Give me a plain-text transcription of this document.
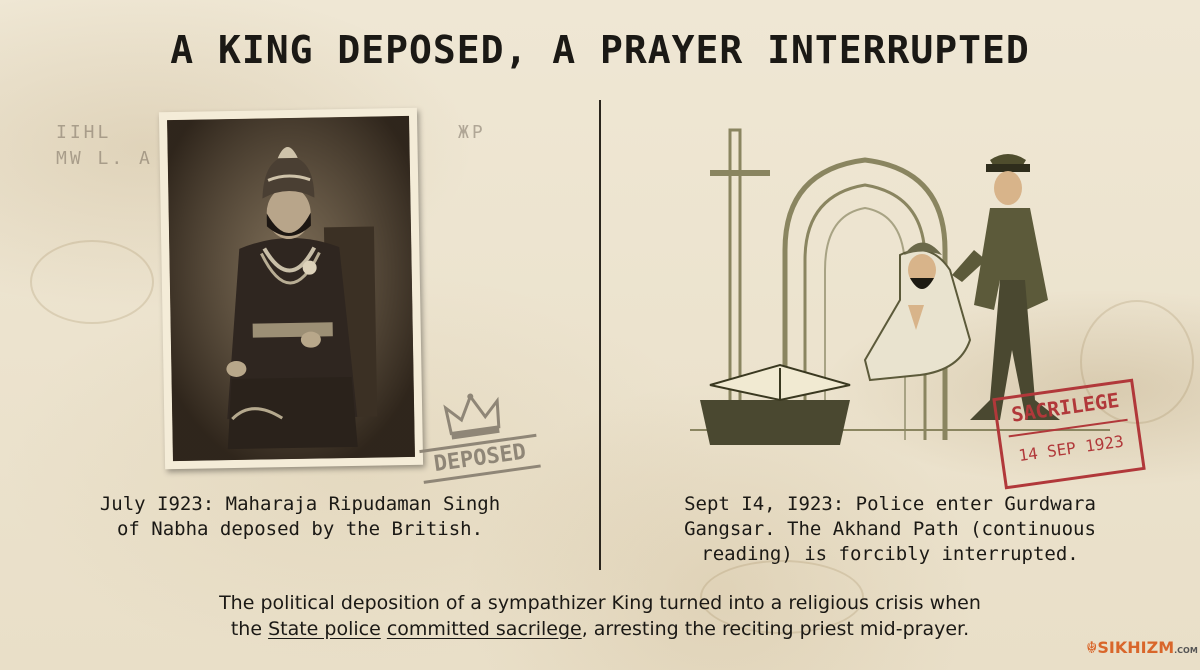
A KING DEPOSED, A PRAYER INTERRUPTED
IIHL
MW L. A
DEPOSED
July I923: Maharaja Ripudaman Singh
of Nabha deposed by the British.
ЖP
SACRILEGE
14 SEP 1923
Sept I4, I923: Police enter Gurdwara
Gangsar. The Akhand Path (continuous
reading) is forcibly interrupted.
The political deposition of a sympathizer King turned into a religious crisis when
the State police committed sacrilege, arresting the reciting priest mid-prayer.
☬SIKHIZM.COM
